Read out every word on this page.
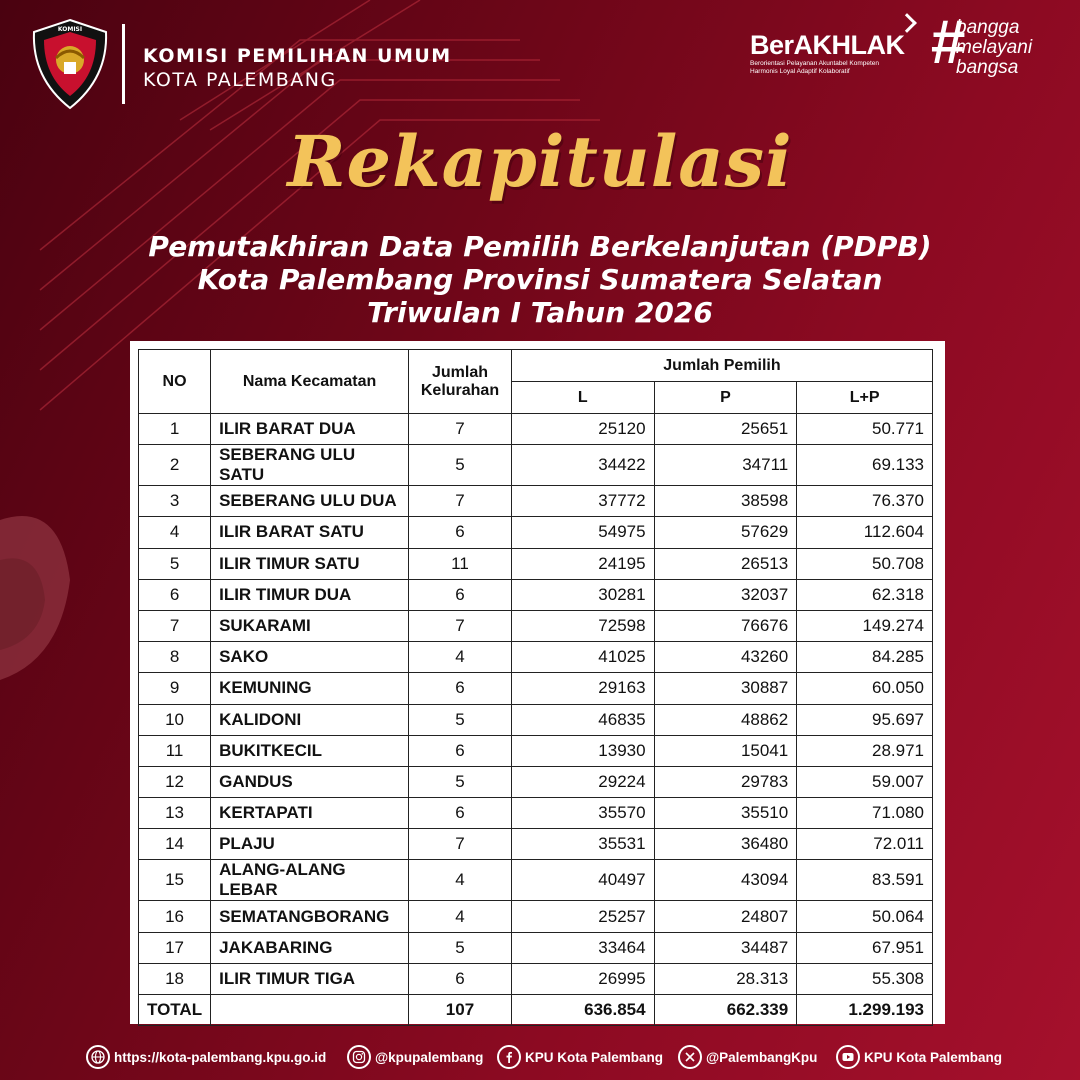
KOMISI
KOMISI PEMILIHAN UMUM
KOTA PALEMBANG
BerAKHLAK
Berorientasi Pelayanan Akuntabel Kompeten
Harmonis Loyal Adaptif Kolaboratif	#
bangga
melayani
bangsa
Rekapitulasi
Pemutakhiran Data Pemilih Berkelanjutan (PDPB)
Kota Palembang Provinsi Sumatera Selatan
Triwulan I Tahun 2026
NO	Nama Kecamatan	Jumlah Kelurahan	Jumlah Pemilih		
			L	P	L+P
1	ILIR BARAT DUA	7	25120	25651	50.771
2	SEBERANG ULU SATU	5	34422	34711	69.133
3	SEBERANG ULU DUA	7	37772	38598	76.370
4	ILIR BARAT SATU	6	54975	57629	112.604
5	ILIR TIMUR SATU	11	24195	26513	50.708
6	ILIR TIMUR DUA	6	30281	32037	62.318
7	SUKARAMI	7	72598	76676	149.274
8	SAKO	4	41025	43260	84.285
9	KEMUNING	6	29163	30887	60.050
10	KALIDONI	5	46835	48862	95.697
11	BUKITKECIL	6	13930	15041	28.971
12	GANDUS	5	29224	29783	59.007
13	KERTAPATI	6	35570	35510	71.080
14	PLAJU	7	35531	36480	72.011
15	ALANG-ALANG LEBAR	4	40497	43094	83.591
16	SEMATANGBORANG	4	25257	24807	50.064
17	JAKABARING	5	33464	34487	67.951
18	ILIR TIMUR TIGA	6	26995	28.313	55.308
TOTAL		107	636.854	662.339	1.299.193
https://kota-palembang.kpu.go.id	@kpupalembang	KPU Kota Palembang	@PalembangKpu	KPU Kota Palembang
